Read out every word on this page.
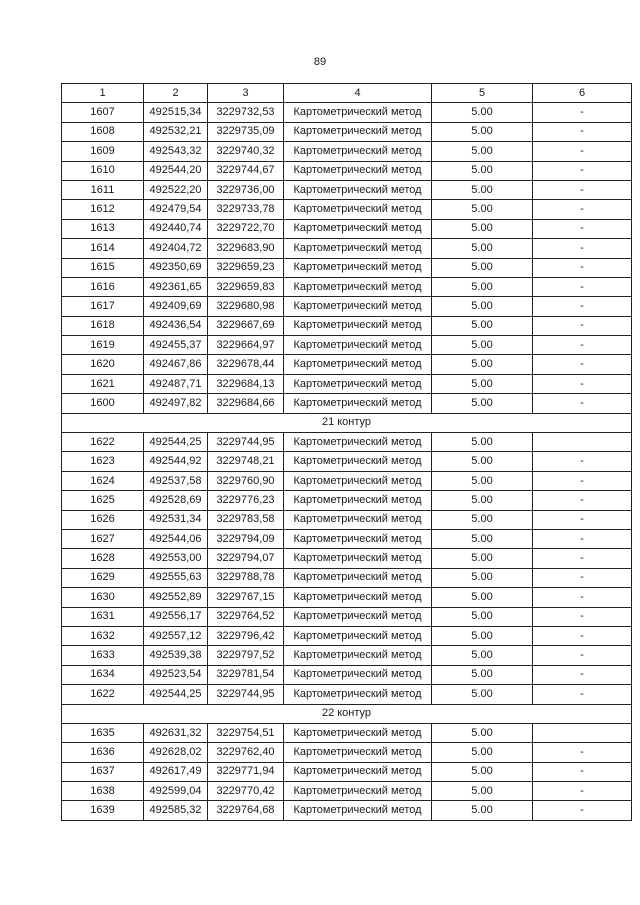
89
1	2	3	4	5	6
1607	492515,34	3229732,53	Картометрический метод	5.00	-
1608	492532,21	3229735,09	Картометрический метод	5.00	-
1609	492543,32	3229740,32	Картометрический метод	5.00	-
1610	492544,20	3229744,67	Картометрический метод	5.00	-
1611	492522,20	3229736,00	Картометрический метод	5.00	-
1612	492479,54	3229733,78	Картометрический метод	5.00	-
1613	492440,74	3229722,70	Картометрический метод	5.00	-
1614	492404,72	3229683,90	Картометрический метод	5.00	-
1615	492350,69	3229659,23	Картометрический метод	5.00	-
1616	492361,65	3229659,83	Картометрический метод	5.00	-
1617	492409,69	3229680,98	Картометрический метод	5.00	-
1618	492436,54	3229667,69	Картометрический метод	5.00	-
1619	492455,37	3229664,97	Картометрический метод	5.00	-
1620	492467,86	3229678,44	Картометрический метод	5.00	-
1621	492487,71	3229684,13	Картометрический метод	5.00	-
1600	492497,82	3229684,66	Картометрический метод	5.00	-
21 контур					
1622	492544,25	3229744,95	Картометрический метод	5.00	
1623	492544,92	3229748,21	Картометрический метод	5.00	-
1624	492537,58	3229760,90	Картометрический метод	5.00	-
1625	492528,69	3229776,23	Картометрический метод	5.00	-
1626	492531,34	3229783,58	Картометрический метод	5.00	-
1627	492544,06	3229794,09	Картометрический метод	5.00	-
1628	492553,00	3229794,07	Картометрический метод	5.00	-
1629	492555,63	3229788,78	Картометрический метод	5.00	-
1630	492552,89	3229767,15	Картометрический метод	5.00	-
1631	492556,17	3229764,52	Картометрический метод	5.00	-
1632	492557,12	3229796,42	Картометрический метод	5.00	-
1633	492539,38	3229797,52	Картометрический метод	5.00	-
1634	492523,54	3229781,54	Картометрический метод	5.00	-
1622	492544,25	3229744,95	Картометрический метод	5.00	-
22 контур					
1635	492631,32	3229754,51	Картометрический метод	5.00	
1636	492628,02	3229762,40	Картометрический метод	5.00	-
1637	492617,49	3229771,94	Картометрический метод	5.00	-
1638	492599,04	3229770,42	Картометрический метод	5.00	-
1639	492585,32	3229764,68	Картометрический метод	5.00	-
